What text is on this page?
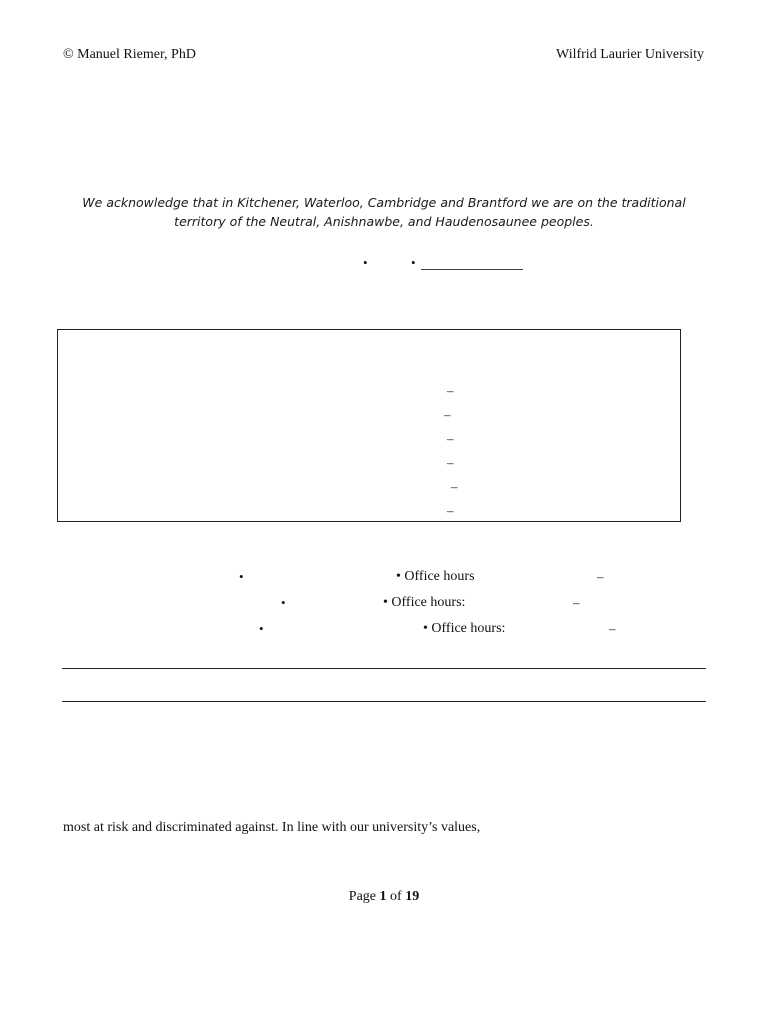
© Manuel Riemer, PhD	Wilfrid Laurier University
We acknowledge that in Kitchener, Waterloo, Cambridge and Brantford we are on the traditional
territory of the Neutral, Anishnawbe, and Haudenosaunee peoples.
•	•
–
–
–
–
–
–
•	• Office hours	–
•	• Office hours:	–
•	• Office hours:	–
most at risk and discriminated against. In line with our university’s values,
Page 1 of 19
